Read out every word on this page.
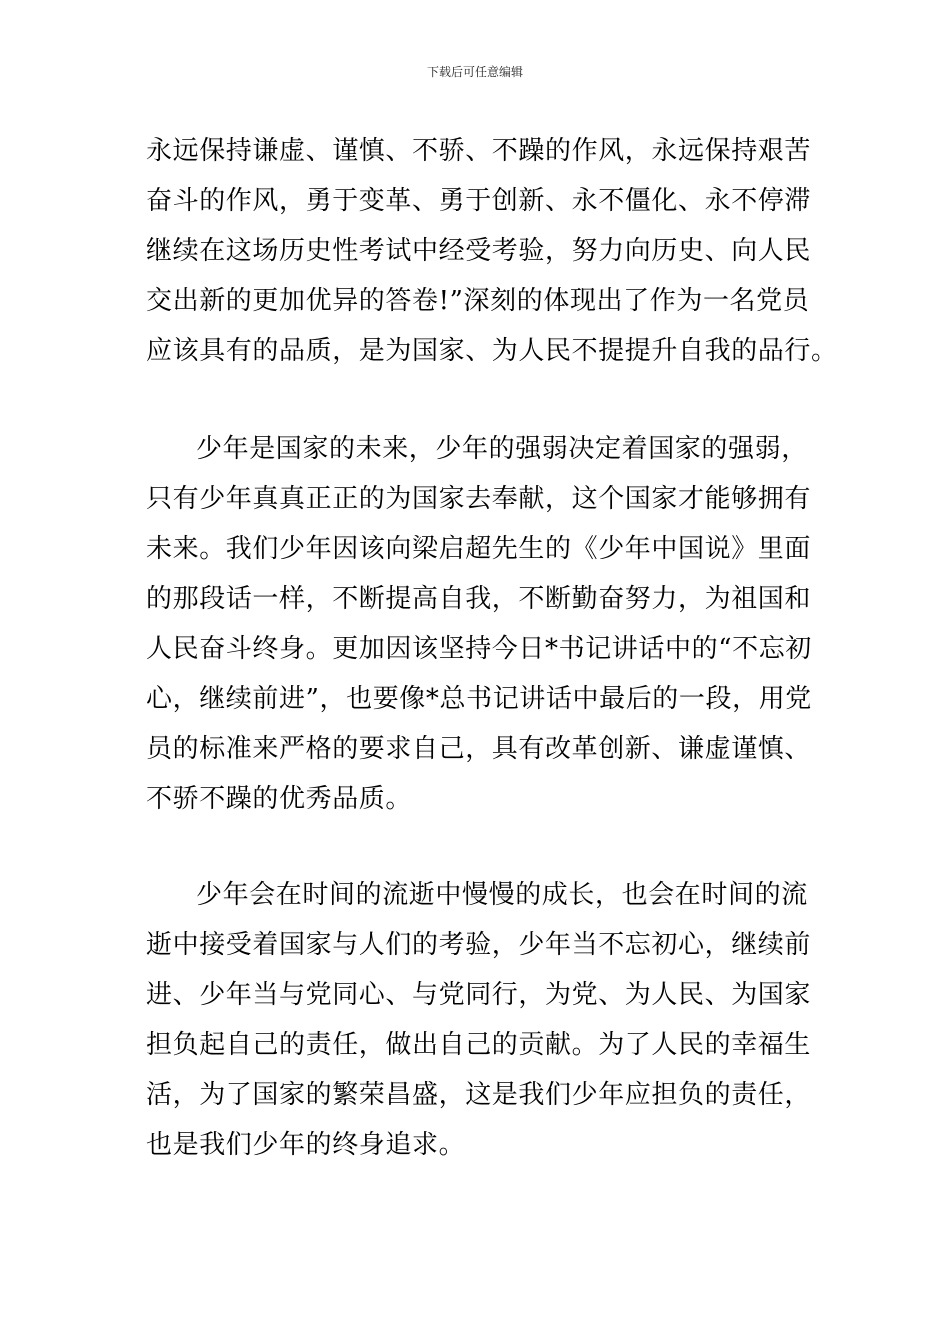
下载后可任意编辑

永远保持谦虚、谨慎、不骄、不躁的作风，永远保持艰苦
奋斗的作风，勇于变革、勇于创新、永不僵化、永不停滞
继续在这场历史性考试中经受考验，努力向历史、向人民
交出新的更加优异的答卷!”深刻的体现出了作为一名党员
应该具有的品质，是为国家、为人民不提提升自我的品行。

少年是国家的未来，少年的强弱决定着国家的强弱，
只有少年真真正正的为国家去奉献，这个国家才能够拥有
未来。我们少年因该向梁启超先生的《少年中国说》里面
的那段话一样，不断提高自我，不断勤奋努力，为祖国和
人民奋斗终身。更加因该坚持今日*书记讲话中的“不忘初
心，继续前进”，也要像*总书记讲话中最后的一段，用党
员的标准来严格的要求自己，具有改革创新、谦虚谨慎、
不骄不躁的优秀品质。

少年会在时间的流逝中慢慢的成长，也会在时间的流
逝中接受着国家与人们的考验，少年当不忘初心，继续前
进、少年当与党同心、与党同行，为党、为人民、为国家
担负起自己的责任，做出自己的贡献。为了人民的幸福生
活，为了国家的繁荣昌盛，这是我们少年应担负的责任，
也是我们少年的终身追求。
